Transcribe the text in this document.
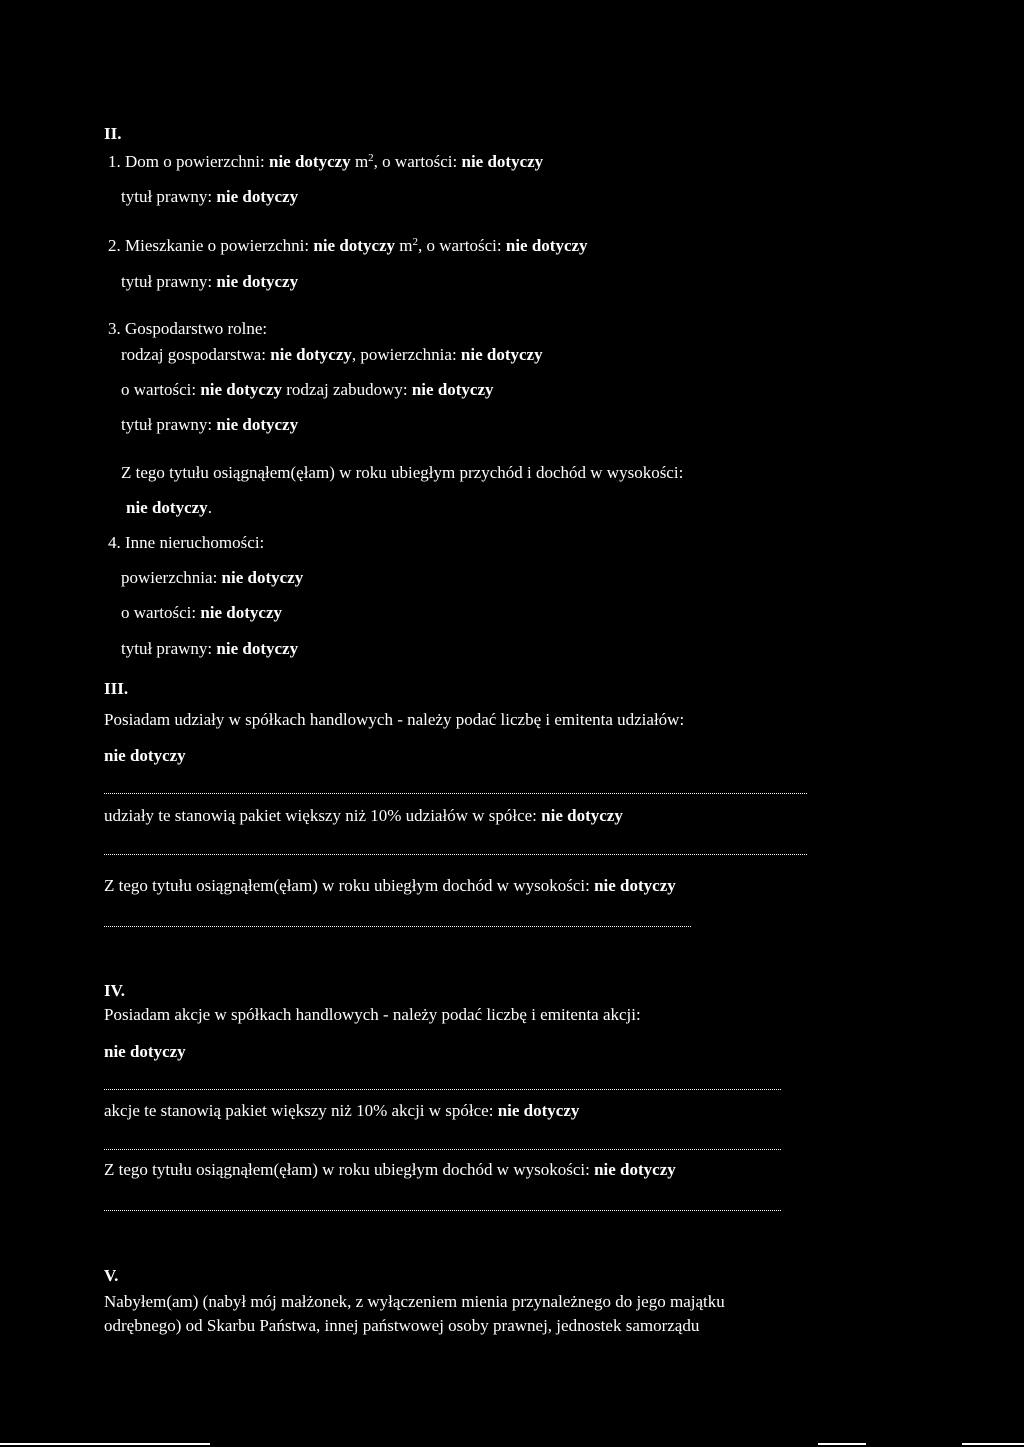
II.
1. Dom o powierzchni: nie dotyczy $m^2$, o wartości: nie dotyczy
tytuł prawny: nie dotyczy
2. Mieszkanie o powierzchni: nie dotyczy $m^2$, o wartości: nie dotyczy
tytuł prawny: nie dotyczy
3. Gospodarstwo rolne:
rodzaj gospodarstwa: nie dotyczy, powierzchnia: nie dotyczy
o wartości: nie dotyczy rodzaj zabudowy: nie dotyczy
tytuł prawny: nie dotyczy
Z tego tytułu osiągnąłem(ęłam) w roku ubiegłym przychód i dochód w wysokości:
nie dotyczy.
4. Inne nieruchomości:
powierzchnia: nie dotyczy
o wartości: nie dotyczy
tytuł prawny: nie dotyczy
III.
Posiadam udziały w spółkach handlowych - należy podać liczbę i emitenta udziałów:
nie dotyczy
udziały te stanowią pakiet większy niż 10% udziałów w spółce: nie dotyczy
Z tego tytułu osiągnąłem(ęłam) w roku ubiegłym dochód w wysokości: nie dotyczy
IV.
Posiadam akcje w spółkach handlowych - należy podać liczbę i emitenta akcji:
nie dotyczy
akcje te stanowią pakiet większy niż 10% akcji w spółce: nie dotyczy
Z tego tytułu osiągnąłem(ęłam) w roku ubiegłym dochód w wysokości: nie dotyczy
V.
Nabyłem(am) (nabył mój małżonek, z wyłączeniem mienia przynależnego do jego majątku
odrębnego) od Skarbu Państwa, innej państwowej osoby prawnej, jednostek samorządu
